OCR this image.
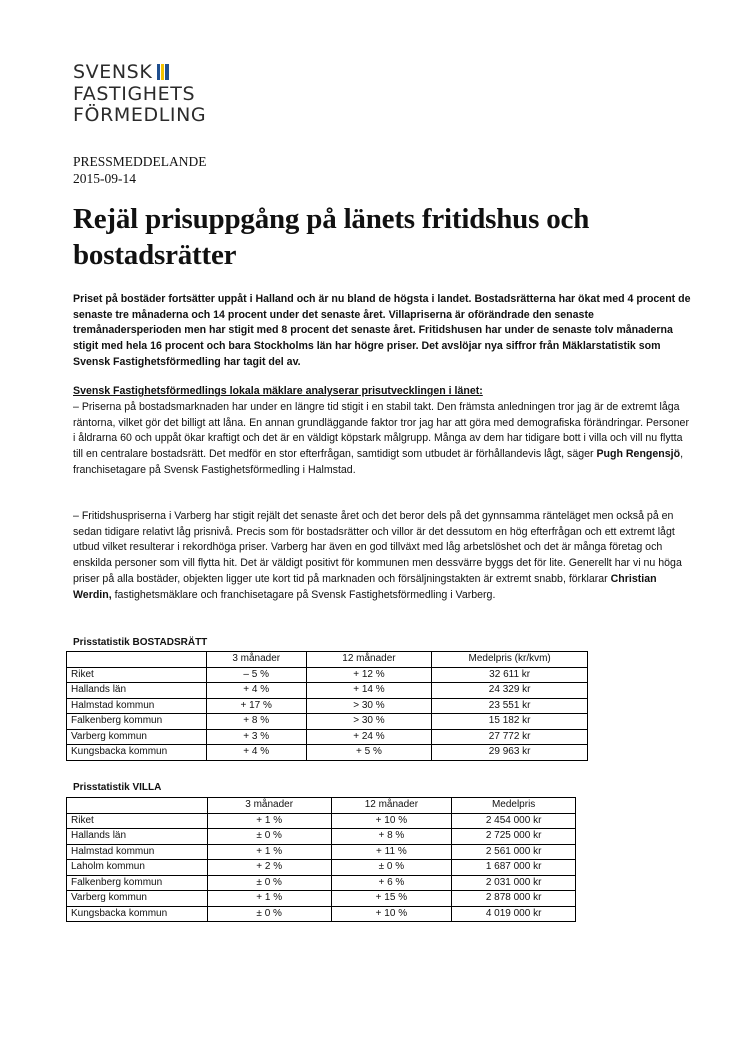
SVENSK
FASTIGHETS
FÖRMEDLING
PRESSMEDDELANDE
2015-09-14
Rejäl prisuppgång på länets fritidshus och bostadsrätter
Priset på bostäder fortsätter uppåt i Halland och är nu bland de högsta i landet. Bostadsrätterna har ökat med 4 procent de senaste tre månaderna och 14 procent under det senaste året. Villapriserna är oförändrade den senaste tremånadersperioden men har stigit med 8 procent det senaste året. Fritidshusen har under de senaste tolv månaderna stigit med hela 16 procent och bara Stockholms län har högre priser. Det avslöjar nya siffror från Mäklarstatistik som Svensk Fastighetsförmedling har tagit del av.
Svensk Fastighetsförmedlings lokala mäklare analyserar prisutvecklingen i länet:
– Priserna på bostadsmarknaden har under en längre tid stigit i en stabil takt. Den främsta anledningen tror jag är de extremt låga räntorna, vilket gör det billigt att låna. En annan grundläggande faktor tror jag har att göra med demografiska förändringar. Personer i åldrarna 60 och uppåt ökar kraftigt och det är en väldigt köpstark målgrupp. Många av dem har tidigare bott i villa och vill nu flytta till en centralare bostadsrätt. Det medför en stor efterfrågan, samtidigt som utbudet är förhållandevis lågt, säger Pugh Rengensjö, franchisetagare på Svensk Fastighetsförmedling i Halmstad.
– Fritidshuspriserna i Varberg har stigit rejält det senaste året och det beror dels på det gynnsamma ränteläget men också på en sedan tidigare relativt låg prisnivå. Precis som för bostadsrätter och villor är det dessutom en hög efterfrågan och ett extremt lågt utbud vilket resulterar i rekordhöga priser. Varberg har även en god tillväxt med låg arbetslöshet och det är många företag och enskilda personer som vill flytta hit. Det är väldigt positivt för kommunen men dessvärre byggs det för lite. Generellt har vi nu höga priser på alla bostäder, objekten ligger ute kort tid på marknaden och försäljningstakten är extremt snabb, förklarar Christian Werdin, fastighetsmäklare och franchisetagare på Svensk Fastighetsförmedling i Varberg.
Prisstatistik BOSTADSRÄTT
	3 månader	12 månader	Medelpris (kr/kvm)
Riket	– 5 %	+ 12 %	32 611 kr
Hallands län	+ 4 %	+ 14 %	24 329 kr
Halmstad kommun	+ 17 %	> 30 %	23 551 kr
Falkenberg kommun	+ 8 %	> 30 %	15 182 kr
Varberg kommun	+ 3 %	+ 24 %	27 772 kr
Kungsbacka kommun	+ 4 %	+ 5 %	29 963 kr
Prisstatistik VILLA
	3 månader	12 månader	Medelpris
Riket	+ 1 %	+ 10 %	2 454 000 kr
Hallands län	± 0 %	+ 8 %	2 725 000 kr
Halmstad kommun	+ 1 %	+ 11 %	2 561 000 kr
Laholm kommun	+ 2 %	± 0 %	1 687 000 kr
Falkenberg kommun	± 0 %	+ 6 %	2 031 000 kr
Varberg kommun	+ 1 %	+ 15 %	2 878 000 kr
Kungsbacka kommun	± 0 %	+ 10 %	4 019 000 kr
